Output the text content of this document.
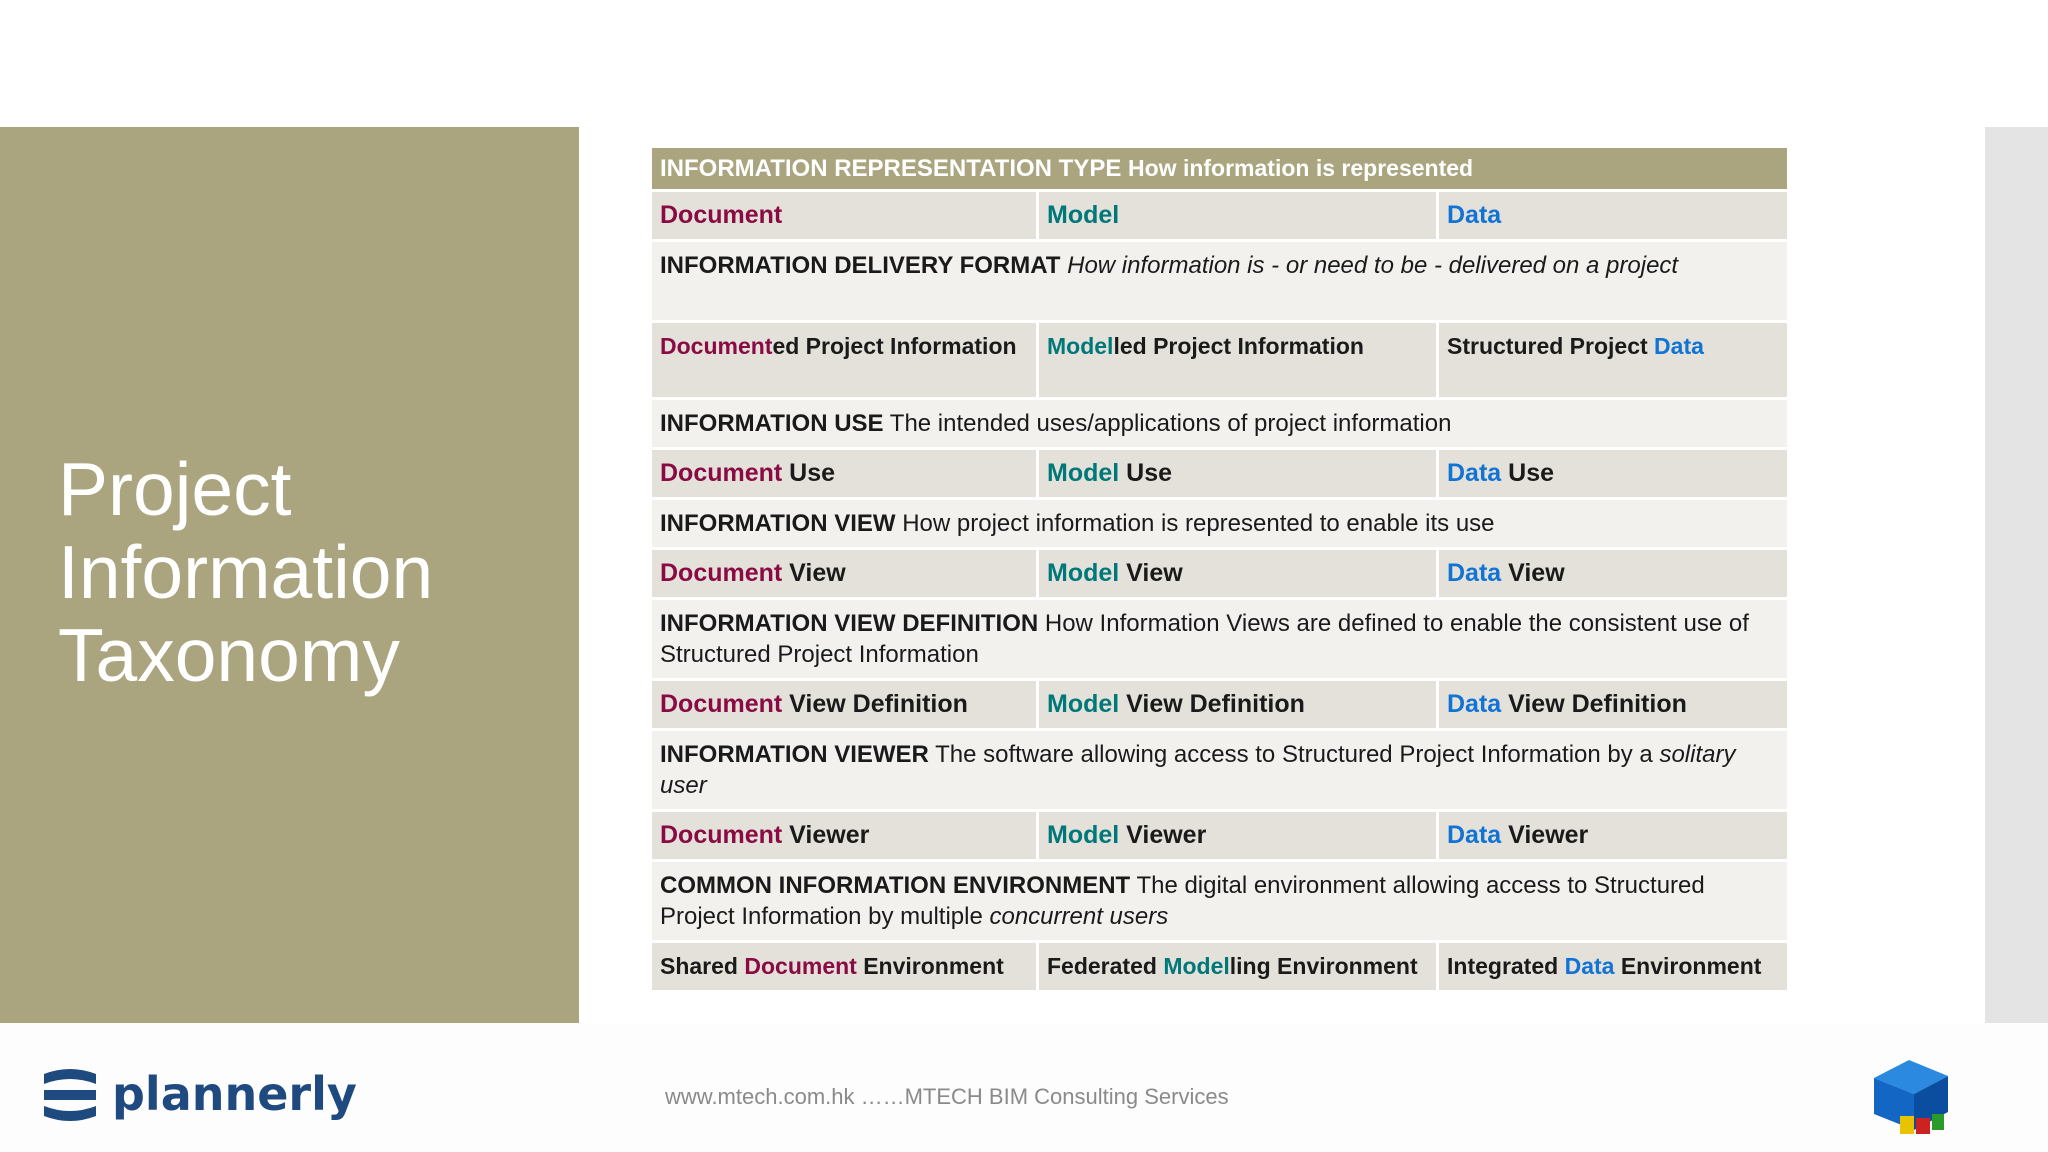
Project
Information
Taxonomy
INFORMATION REPRESENTATION TYPE How information is represented		
Document	Model	Data
INFORMATION DELIVERY FORMAT How information is - or need to be - delivered on a project		
Documented Project Information	Modelled Project Information	Structured Project Data
INFORMATION USE The intended uses/applications of project information		
Document Use	Model Use	Data Use
INFORMATION VIEW How project information is represented to enable its use		
Document View	Model View	Data View
INFORMATION VIEW DEFINITION How Information Views are defined to enable the consistent use of Structured Project Information		
Document View Definition	Model View Definition	Data View Definition
INFORMATION VIEWER The software allowing access to Structured Project Information by a solitary user		
Document Viewer	Model Viewer	Data Viewer
COMMON INFORMATION ENVIRONMENT The digital environment allowing access to Structured Project Information by multiple concurrent users		
Shared Document Environment	Federated Modelling Environment	Integrated Data Environment
plannerly	www.mtech.com.hk ……MTECH BIM Consulting Services
